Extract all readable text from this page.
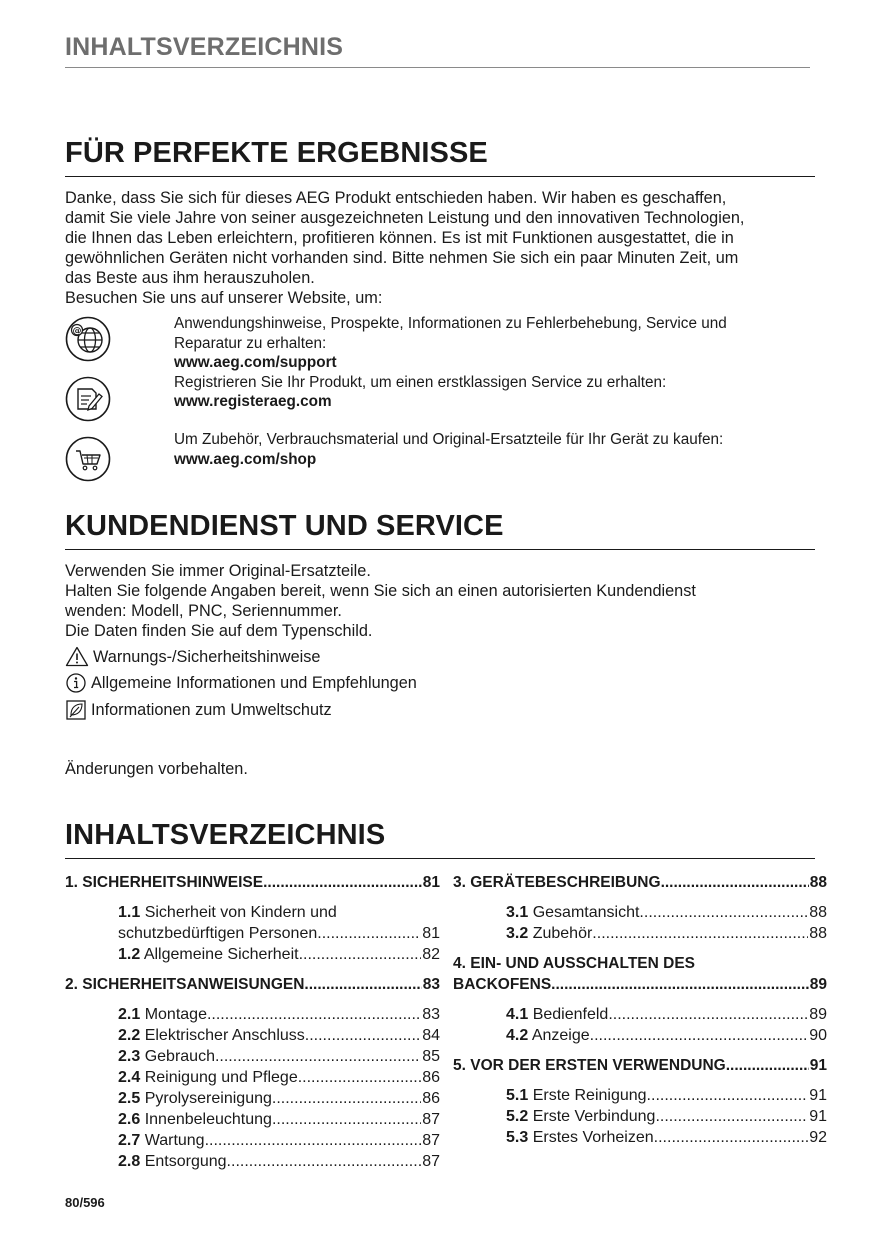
INHALTSVERZEICHNIS
FÜR PERFEKTE ERGEBNISSE
Danke, dass Sie sich für dieses AEG Produkt entschieden haben. Wir haben es geschaffen,
damit Sie viele Jahre von seiner ausgezeichneten Leistung und den innovativen Technologien,
die Ihnen das Leben erleichtern, profitieren können. Es ist mit Funktionen ausgestattet, die in
gewöhnlichen Geräten nicht vorhanden sind. Bitte nehmen Sie sich ein paar Minuten Zeit, um
das Beste aus ihm herauszuholen.
Besuchen Sie uns auf unserer Website, um:
@	Anwendungshinweise, Prospekte, Informationen zu Fehlerbehebung, Service und
Reparatur zu erhalten:
www.aeg.com/support
Registrieren Sie Ihr Produkt, um einen erstklassigen Service zu erhalten:
www.registeraeg.com
Um Zubehör, Verbrauchsmaterial und Original-Ersatzteile für Ihr Gerät zu kaufen:
www.aeg.com/shop
KUNDENDIENST UND SERVICE
Verwenden Sie immer Original-Ersatzteile.
Halten Sie folgende Angaben bereit, wenn Sie sich an einen autorisierten Kundendienst
wenden: Modell, PNC, Seriennummer.
Die Daten finden Sie auf dem Typenschild.
Warnungs-/Sicherheitshinweise
Allgemeine Informationen und Empfehlungen
Informationen zum Umweltschutz
Änderungen vorbehalten.
INHALTSVERZEICHNIS
1. SICHERHEITSHINWEISE .....	81
1.1 Sicherheit von Kindern und
schutzbedürftigen Personen .....	81
1.2 Allgemeine Sicherheit .....	82
2. SICHERHEITSANWEISUNGEN .....	83
2.1 Montage .....	83
2.2 Elektrischer Anschluss .....	84
2.3 Gebrauch .....	85
2.4 Reinigung und Pflege .....	86
2.5 Pyrolysereinigung .....	86
2.6 Innenbeleuchtung .....	87
2.7 Wartung .....	87
2.8 Entsorgung .....	87
3. GERÄTEBESCHREIBUNG .....	88
3.1 Gesamtansicht .....	88
3.2 Zubehör .....	88
4. EIN- UND AUSSCHALTEN DES
BACKOFENS .....	89
4.1 Bedienfeld .....	89
4.2 Anzeige .....	90
5. VOR DER ERSTEN VERWENDUNG .....	91
5.1 Erste Reinigung .....	91
5.2 Erste Verbindung .....	91
5.3 Erstes Vorheizen .....	92
80/596
